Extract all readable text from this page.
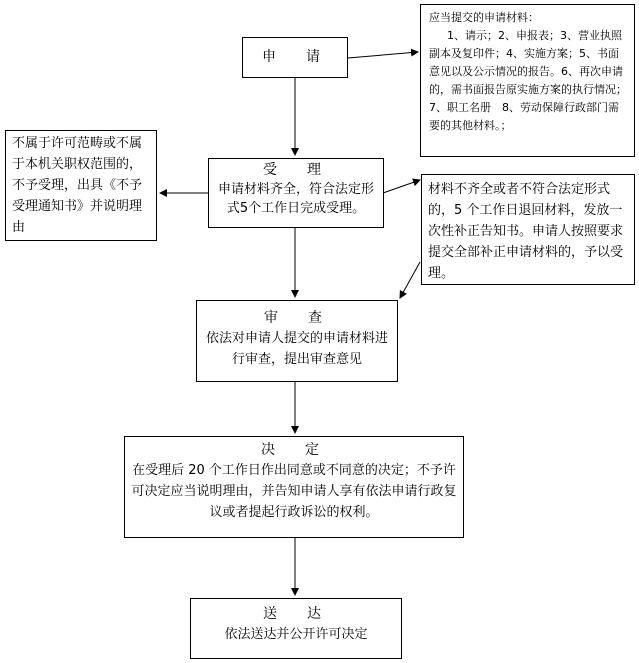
申　请
应当提交的申请材料：
1、请示；2、申报表；3、营业执照副本及复印件；4、实施方案；5、书面意见以及公示情况的报告。6、再次申请的，需书面报告原实施方案的执行情况；7、职工名册　8、劳动保障行政部门需要的其他材料。；
不属于许可范畴或不属于本机关职权范围的，不予受理，出具《不予受理通知书》并说明理由
受　理
申请材料齐全，符合法定形式5个工作日完成受理。
材料不齐全或者不符合法定形式的，5 个工作日退回材料，发放一次性补正告知书。申请人按照要求提交全部补正申请材料的，予以受理。
审　查
依法对申请人提交的申请材料进行审查，提出审查意见
决　定
在受理后 20 个工作日作出同意或不同意的决定；不予许可决定应当说明理由，并告知申请人享有依法申请行政复议或者提起行政诉讼的权利。
送　达
依法送达并公开许可决定
